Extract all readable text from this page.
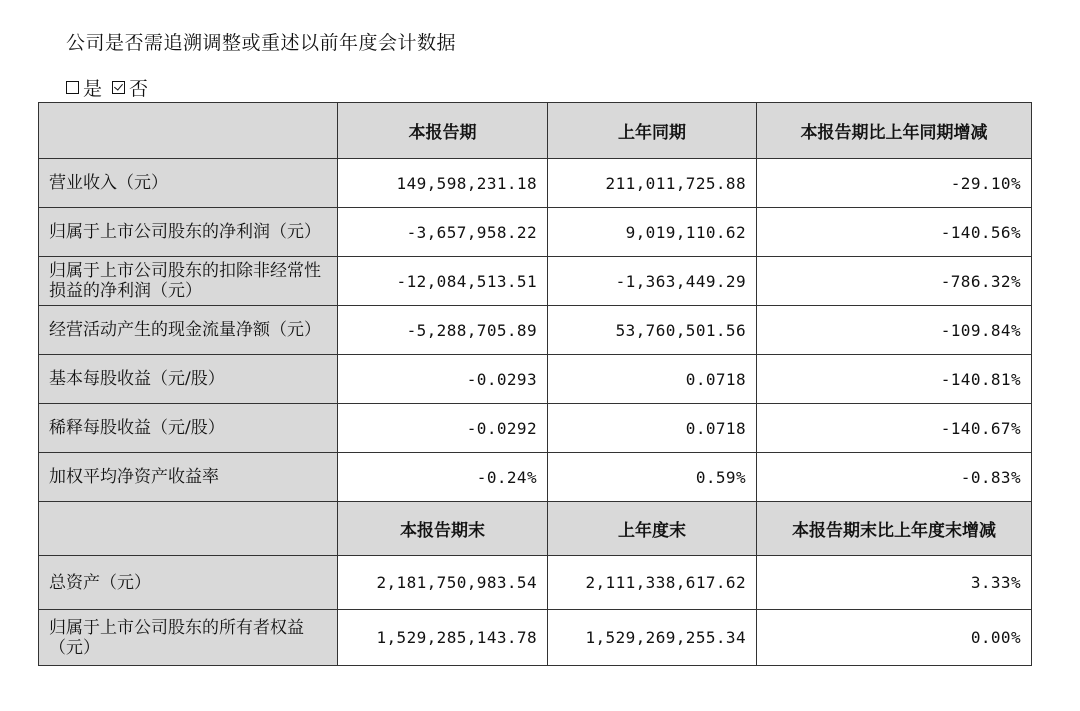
公司是否需追溯调整或重述以前年度会计数据
是 否
	本报告期	上年同期	本报告期比上年同期增减
营业收入（元）	149,598,231.18	211,011,725.88	-29.10%
归属于上市公司股东的净利润（元）	-3,657,958.22	9,019,110.62	-140.56%
归属于上市公司股东的扣除非经常性损益的净利润（元）	-12,084,513.51	-1,363,449.29	-786.32%
经营活动产生的现金流量净额（元）	-5,288,705.89	53,760,501.56	-109.84%
基本每股收益（元/股）	-0.0293	0.0718	-140.81%
稀释每股收益（元/股）	-0.0292	0.0718	-140.67%
加权平均净资产收益率	-0.24%	0.59%	-0.83%
	本报告期末	上年度末	本报告期末比上年度末增减
总资产（元）	2,181,750,983.54	2,111,338,617.62	3.33%
归属于上市公司股东的所有者权益（元）	1,529,285,143.78	1,529,269,255.34	0.00%
